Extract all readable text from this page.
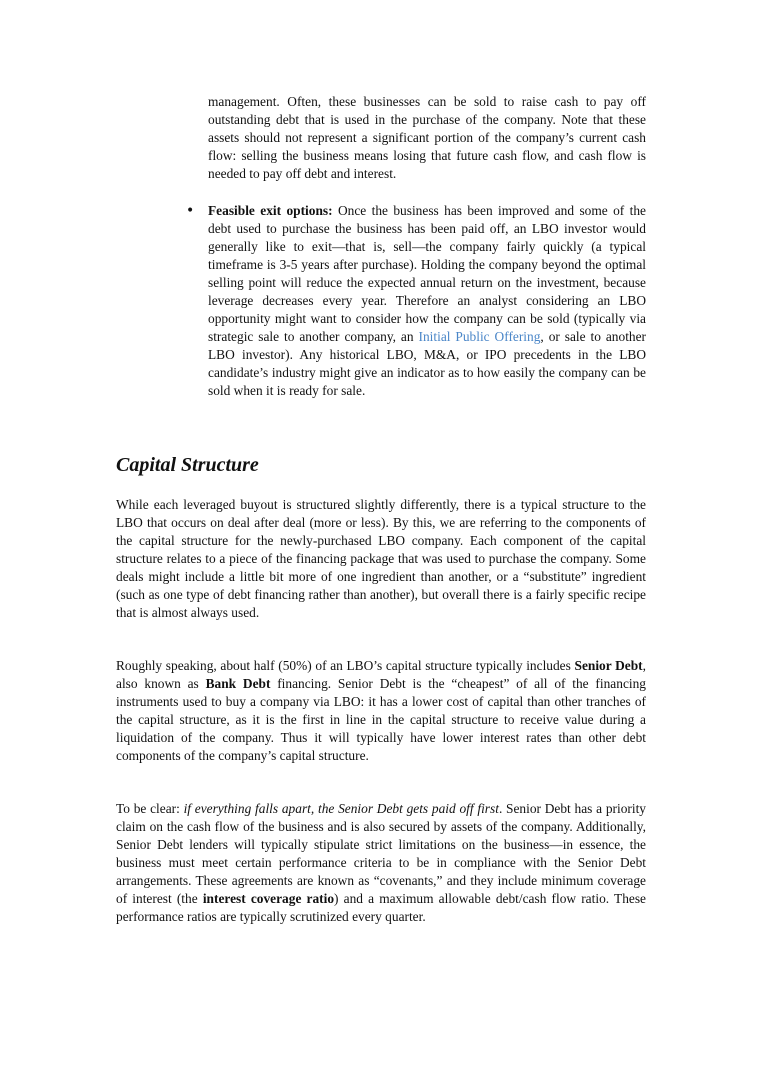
management. Often, these businesses can be sold to raise cash to pay off outstanding debt that is used in the purchase of the company. Note that these assets should not represent a significant portion of the company’s current cash flow: selling the business means losing that future cash flow, and cash flow is needed to pay off debt and interest.

• Feasible exit options: Once the business has been improved and some of the debt used to purchase the business has been paid off, an LBO investor would generally like to exit—that is, sell—the company fairly quickly (a typical timeframe is 3-5 years after purchase). Holding the company beyond the optimal selling point will reduce the expected annual return on the investment, because leverage decreases every year. Therefore an analyst considering an LBO opportunity might want to consider how the company can be sold (typically via strategic sale to another company, an Initial Public Offering, or sale to another LBO investor). Any historical LBO, M&A, or IPO precedents in the LBO candidate’s industry might give an indicator as to how easily the company can be sold when it is ready for sale.

Capital Structure

While each leveraged buyout is structured slightly differently, there is a typical structure to the LBO that occurs on deal after deal (more or less). By this, we are referring to the components of the capital structure for the newly-purchased LBO company. Each component of the capital structure relates to a piece of the financing package that was used to purchase the company. Some deals might include a little bit more of one ingredient than another, or a “substitute” ingredient (such as one type of debt financing rather than another), but overall there is a fairly specific recipe that is almost always used.

Roughly speaking, about half (50%) of an LBO’s capital structure typically includes Senior Debt, also known as Bank Debt financing. Senior Debt is the “cheapest” of all of the financing instruments used to buy a company via LBO: it has a lower cost of capital than other tranches of the capital structure, as it is the first in line in the capital structure to receive value during a liquidation of the company. Thus it will typically have lower interest rates than other debt components of the company’s capital structure.

To be clear: if everything falls apart, the Senior Debt gets paid off first. Senior Debt has a priority claim on the cash flow of the business and is also secured by assets of the company. Additionally, Senior Debt lenders will typically stipulate strict limitations on the business—in essence, the business must meet certain performance criteria to be in compliance with the Senior Debt arrangements. These agreements are known as “covenants,” and they include minimum coverage of interest (the interest coverage ratio) and a maximum allowable debt/cash flow ratio. These performance ratios are typically scrutinized every quarter.
